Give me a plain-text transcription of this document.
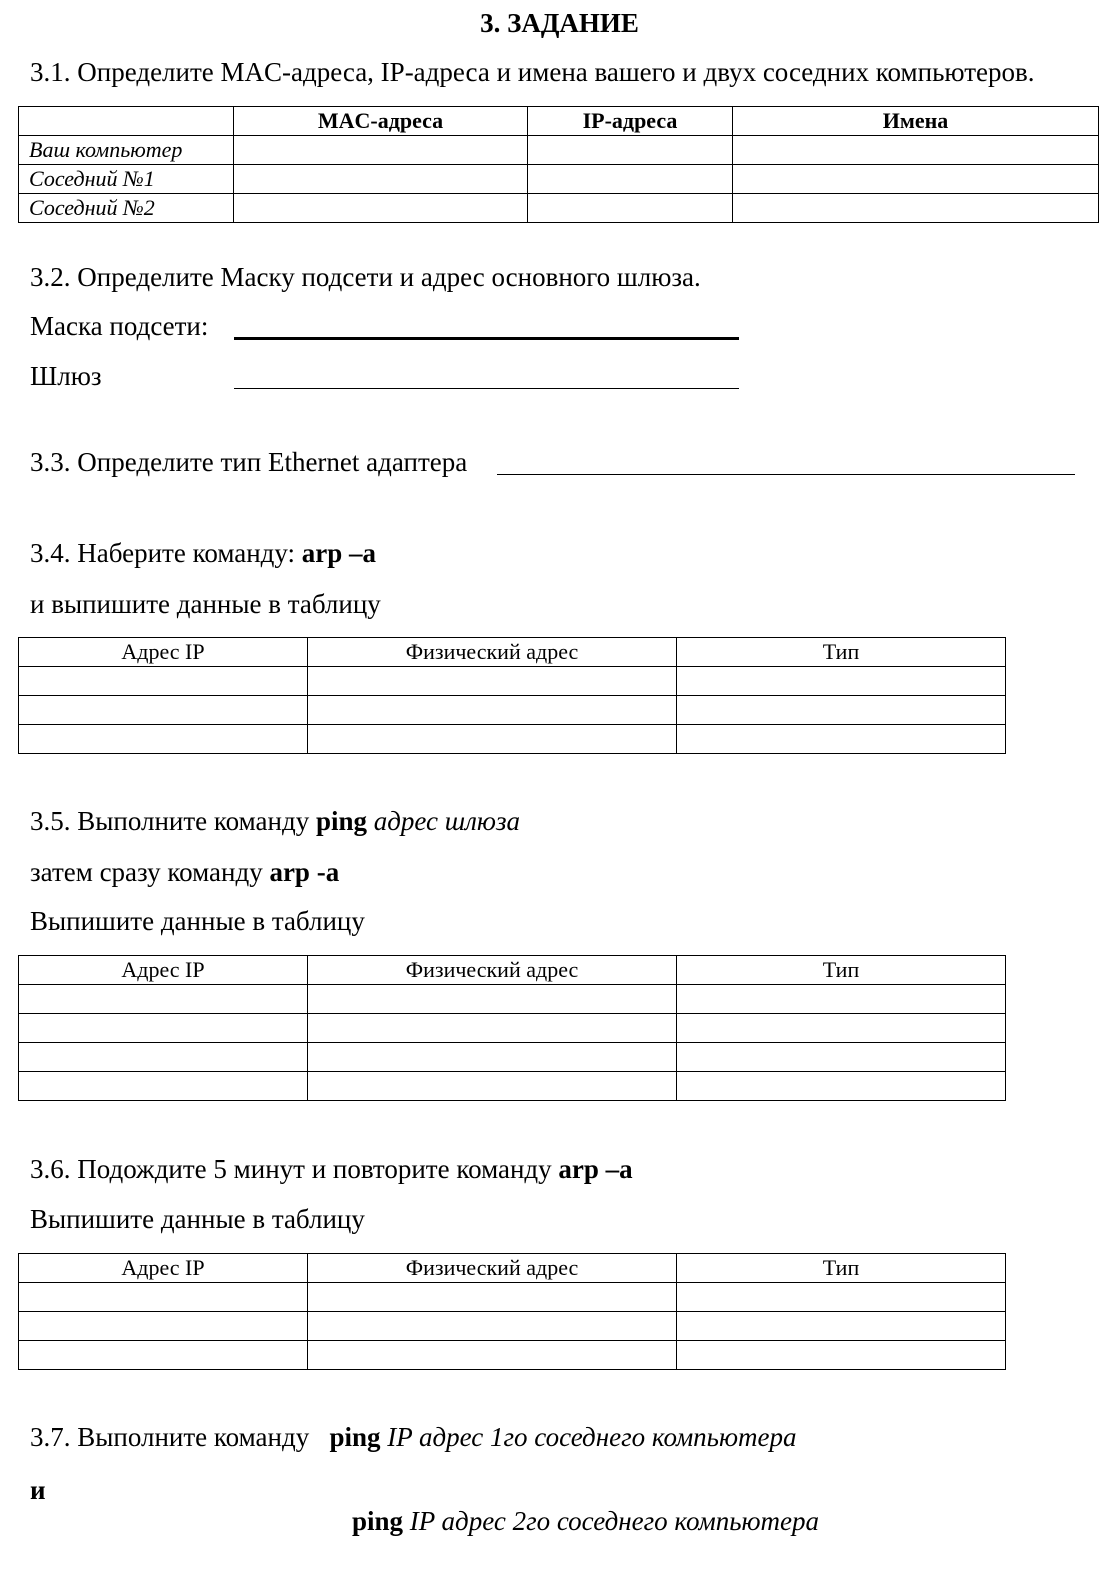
3. ЗАДАНИЕ
3.1. Определите MAC-адреса, IP-адреса и имена вашего и двух соседних компьютеров.
	MAC-адреса	IP-адреса	Имена
Ваш компьютер			
Соседний №1			
Соседний №2			
3.2. Определите Маску подсети и адрес основного шлюза.
Маска подсети:
Шлюз
3.3. Определите тип Ethernet адаптера
3.4. Наберите команду: arp –a
и выпишите данные в таблицу
Адрес IP	Физический адрес	Тип

3.5. Выполните команду ping адрес шлюза
затем сразу команду arp -a
Выпишите данные в таблицу
Адрес IP	Физический адрес	Тип

3.6. Подождите 5 минут и повторите команду arp –a
Выпишите данные в таблицу
Адрес IP	Физический адрес	Тип

3.7. Выполните команду   ping IP адрес 1го соседнего компьютера
и
ping IP адрес 2го соседнего компьютера
